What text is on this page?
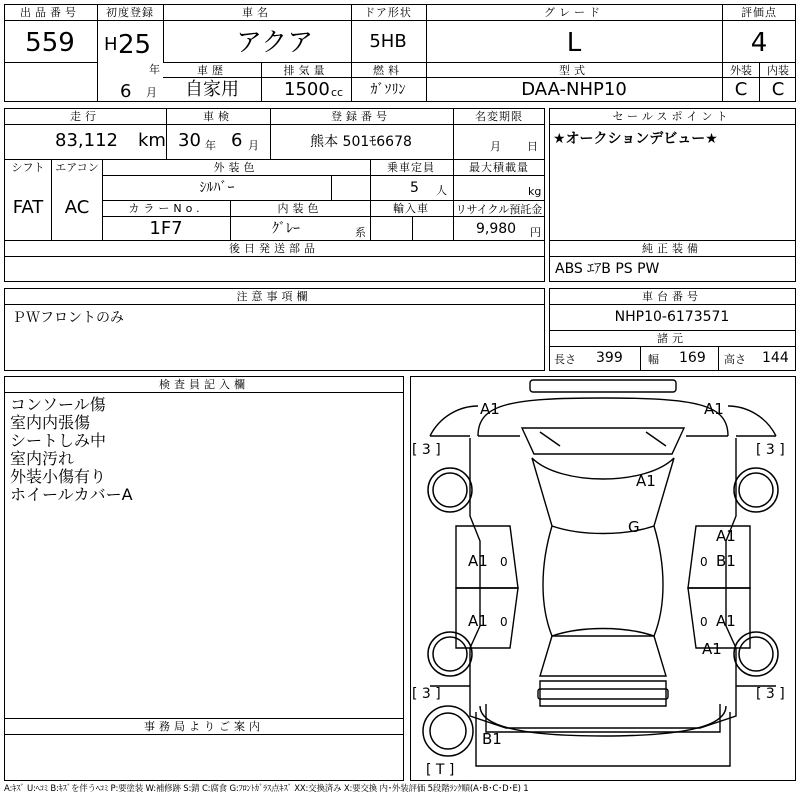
出品番号
559
初度登録
H 25
年
6 月
車名
アクア
ドア形状
5HB
グレード
L
評価点
4
車歴
自家用
排気量
1500 cc
燃料
ｶﾞｿﾘﾝ
型式
DAA-NHP10
外装 内装
C C
走行
83,112 km
車検
30 年 6 月
登録番号
熊本 501ﾓ6678
名変期限
月 日
シフト
FAT
エアコン
AC
外装色
ｼﾙﾊﾞｰ
乗車定員
5 人
最大積載量
kg
カラーNo.
1F7
内装色
ｸﾞﾚｰ	系
輸入車 リサイクル預託金
9,980 円
後日発送部品
セールスポイント
★オークションデビュー★
純正装備
ABS ｴｱB PS PW
注意事項欄
ＰＷフロントのみ
車台番号
NHP10-6173571
諸元
長さ 399 幅 169 高さ 144
検査員記入欄
コンソール傷
室内内張傷
シートしみ中
室内汚れ
外装小傷有り
ホイールカバーA
事務局よりご案内
A1	A1
A1
G	A1
A1	B1
A1	A1
A1
B1
0	0
0	0
[ 3 ]	[ 3 ]
[ 3 ]	[ 3 ]
[ T ]
A:ｷｽﾞ U:ﾍｺﾐ B:ｷｽﾞを伴うﾍｺﾐ P:要塗装 W:補修跡 S:錆 C:腐食 G:ﾌﾛﾝﾄｶﾞﾗｽ点ｷｽﾞ XX:交換済み X:要交換 内･外装評価 5段階ﾗﾝｸ順(A･B･C･D･E) 1
